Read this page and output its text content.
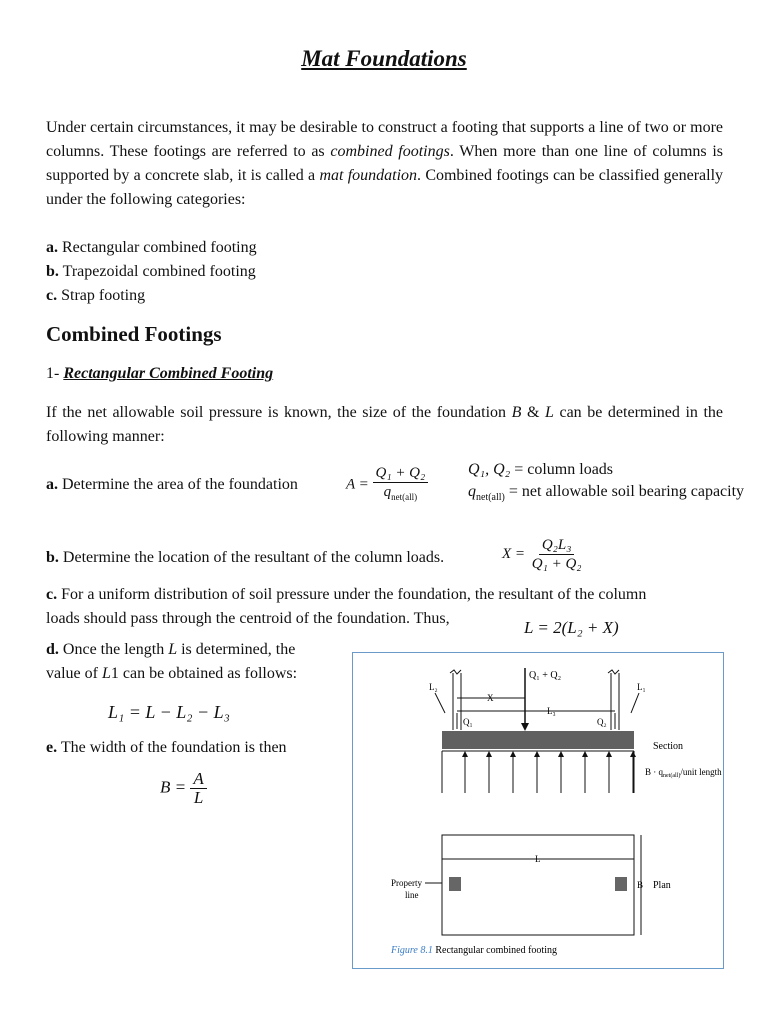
Mat Foundations
Under certain circumstances, it may be desirable to construct a footing that supports a line of two or more columns. These footings are referred to as combined footings. When more than one line of columns is supported by a concrete slab, it is called a mat foundation. Combined footings can be classified generally under the following categories:
a. Rectangular combined footing
b. Trapezoidal combined footing
c. Strap footing
Combined Footings
1- Rectangular Combined Footing
If the net allowable soil pressure is known, the size of the foundation B & L can be determined in the following manner:
a. Determine the area of the foundation	$A = \frac{\text{Q₁ + Q₂}}{q_{net(all)}} Q_1$, Q₂ = column loads
$q_{net(all)}$ = net allowable soil bearing capacity
b. Determine the location of the resultant of the column loads.	$X = \frac{\text{Q₂L₃}}{\text{Q₁ + Q₂}}$
c. For a uniform distribution of soil pressure under the foundation, the resultant of the column
loads should pass through the centroid of the foundation. Thus,	L = 2(L₂ + X)
d. Once the length L is determined, the
value of L1 can be obtained as follows:
L₁ = L − L₂ − L₃
e. The width of the foundation is then
$B = \frac{A}{L}$
Q₁ + Q₂
Q₁	Q₂
X
L₃
L₂	L₁
Section
$B \cdot q_{net(all)}$/unit length
L
B Plan
Property
line
Figure 8.1 Rectangular combined footing
